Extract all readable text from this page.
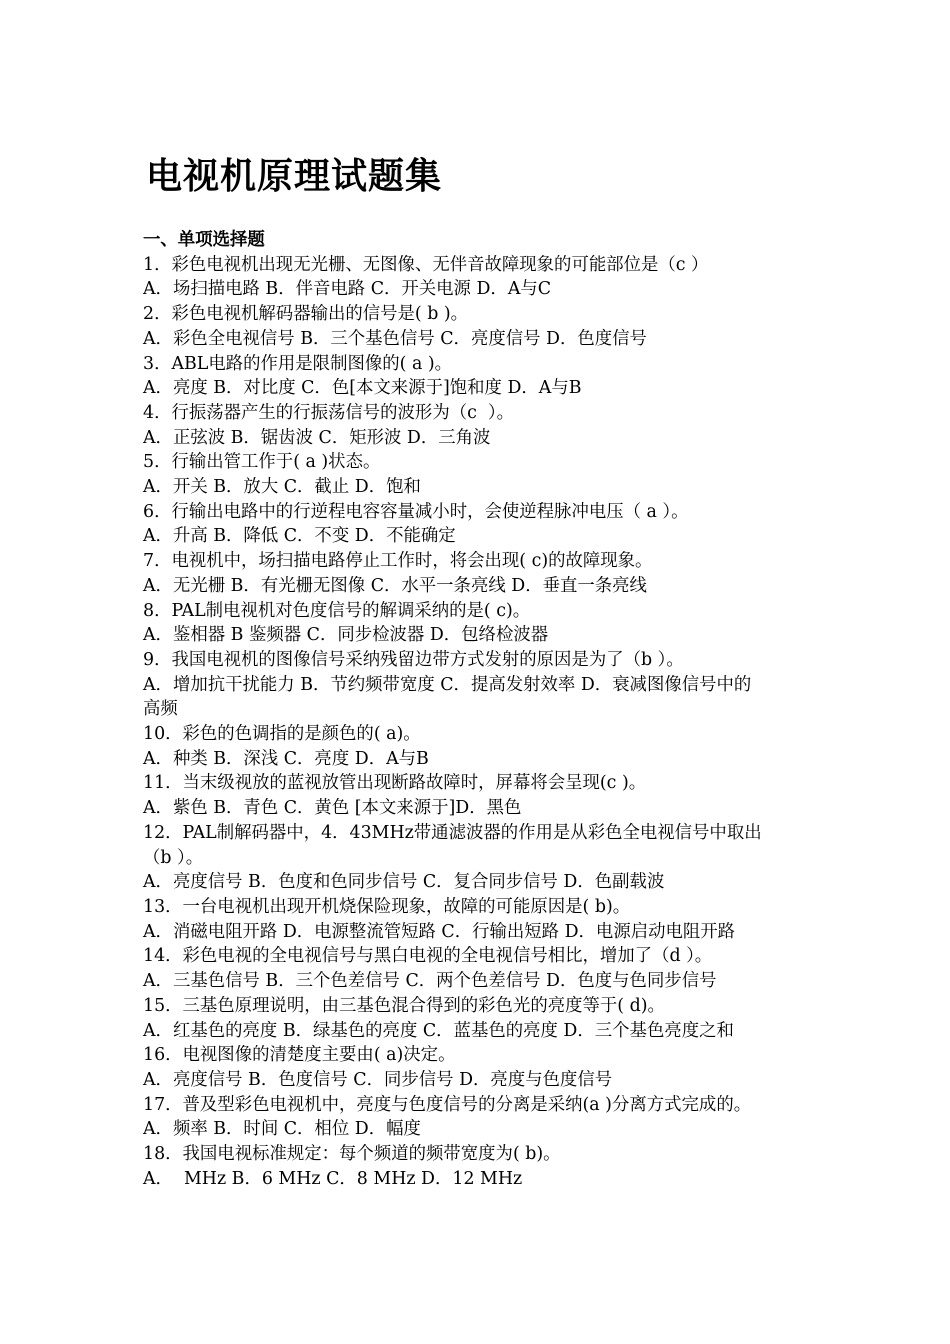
电视机原理试题集
一、单项选择题
1．彩色电视机出现无光栅、无图像、无伴音故障现象的可能部位是（c ）
A．场扫描电路 B．伴音电路 C．开关电源 D．A与C
2．彩色电视机解码器输出的信号是( b )。
A．彩色全电视信号 B．三个基色信号 C．亮度信号 D．色度信号
3．ABL电路的作用是限制图像的( a )。
A．亮度 B．对比度 C．色[本文来源于]饱和度 D．A与B
4．行振荡器产生的行振荡信号的波形为（c  ）。
A．正弦波 B．锯齿波 C．矩形波 D．三角波
5．行输出管工作于( a )状态。
A．开关 B．放大 C．截止 D．饱和
6．行输出电路中的行逆程电容容量减小时，会使逆程脉冲电压（ a ）。
A．升高 B．降低 C．不变 D．不能确定
7．电视机中，场扫描电路停止工作时，将会出现( c)的故障现象。
A．无光栅 B．有光栅无图像 C．水平一条亮线 D．垂直一条亮线
8．PAL制电视机对色度信号的解调采纳的是( c)。
A．鉴相器 B 鉴频器 C．同步检波器 D．包络检波器
9．我国电视机的图像信号采纳残留边带方式发射的原因是为了（b ）。
A．增加抗干扰能力 B．节约频带宽度 C．提高发射效率 D．衰减图像信号中的
高频
10．彩色的色调指的是颜色的( a)。
A．种类 B．深浅 C．亮度 D．A与B
11．当末级视放的蓝视放管出现断路故障时，屏幕将会呈现(c )。
A．紫色 B．青色 C．黄色 [本文来源于]D．黑色
12．PAL制解码器中，4．43MHz带通滤波器的作用是从彩色全电视信号中取出
（b ）。
A．亮度信号 B．色度和色同步信号 C．复合同步信号 D．色副载波
13．一台电视机出现开机烧保险现象，故障的可能原因是( b)。
A．消磁电阻开路 D．电源整流管短路 C．行输出短路 D．电源启动电阻开路
14．彩色电视的全电视信号与黑白电视的全电视信号相比，增加了（d ）。
A．三基色信号 B．三个色差信号 C．两个色差信号 D．色度与色同步信号
15．三基色原理说明，由三基色混合得到的彩色光的亮度等于( d)。
A．红基色的亮度 B．绿基色的亮度 C．蓝基色的亮度 D．三个基色亮度之和
16．电视图像的清楚度主要由( a)决定。
A．亮度信号 B．色度信号 C．同步信号 D．亮度与色度信号
17．普及型彩色电视机中，亮度与色度信号的分离是采纳(a )分离方式完成的。
A．频率 B．时间 C．相位 D．幅度
18．我国电视标准规定：每个频道的频带宽度为( b)。
A．  MHz B．6 MHz C．8 MHz D．12 MHz
